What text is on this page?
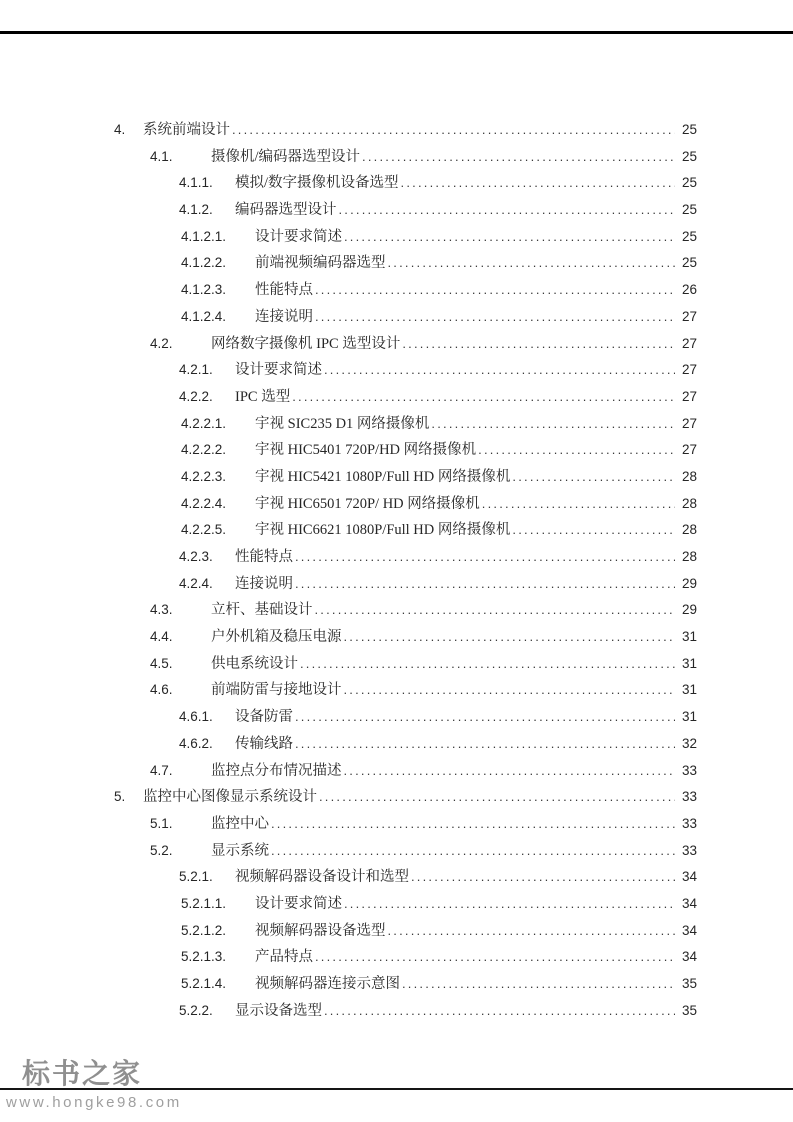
4.	系统前端设计 .....	25
4.1.	摄像机/编码器选型设计 .....	25
4.1.1.	模拟/数字摄像机设备选型 .....	25
4.1.2.	编码器选型设计 .....	25
4.1.2.1.	设计要求简述 .....	25
4.1.2.2.	前端视频编码器选型 .....	25
4.1.2.3.	性能特点 .....	26
4.1.2.4.	连接说明 .....	27
4.2.	网络数字摄像机 IPC 选型设计 .....	27
4.2.1.	设计要求简述 .....	27
4.2.2.	IPC 选型 .....	27
4.2.2.1.	宇视 SIC235 D1 网络摄像机 .....	27
4.2.2.2.	宇视 HIC5401 720P/HD 网络摄像机 .....	27
4.2.2.3.	宇视 HIC5421 1080P/Full HD 网络摄像机 .....	28
4.2.2.4.	宇视 HIC6501 720P/ HD 网络摄像机 .....	28
4.2.2.5.	宇视 HIC6621 1080P/Full HD 网络摄像机 .....	28
4.2.3.	性能特点 .....	28
4.2.4.	连接说明 .....	29
4.3.	立杆、基础设计 .....	29
4.4.	户外机箱及稳压电源 .....	31
4.5.	供电系统设计 .....	31
4.6.	前端防雷与接地设计 .....	31
4.6.1.	设备防雷 .....	31
4.6.2.	传输线路 .....	32
4.7.	监控点分布情况描述 .....	33
5.	监控中心图像显示系统设计 .....	33
5.1.	监控中心 .....	33
5.2.	显示系统 .....	33
5.2.1.	视频解码器设备设计和选型 .....	34
5.2.1.1.	设计要求简述 .....	34
5.2.1.2.	视频解码器设备选型 .....	34
5.2.1.3.	产品特点 .....	34
5.2.1.4.	视频解码器连接示意图 .....	35
5.2.2.	显示设备选型 .....	35
标书之家
www.hongke98.com
